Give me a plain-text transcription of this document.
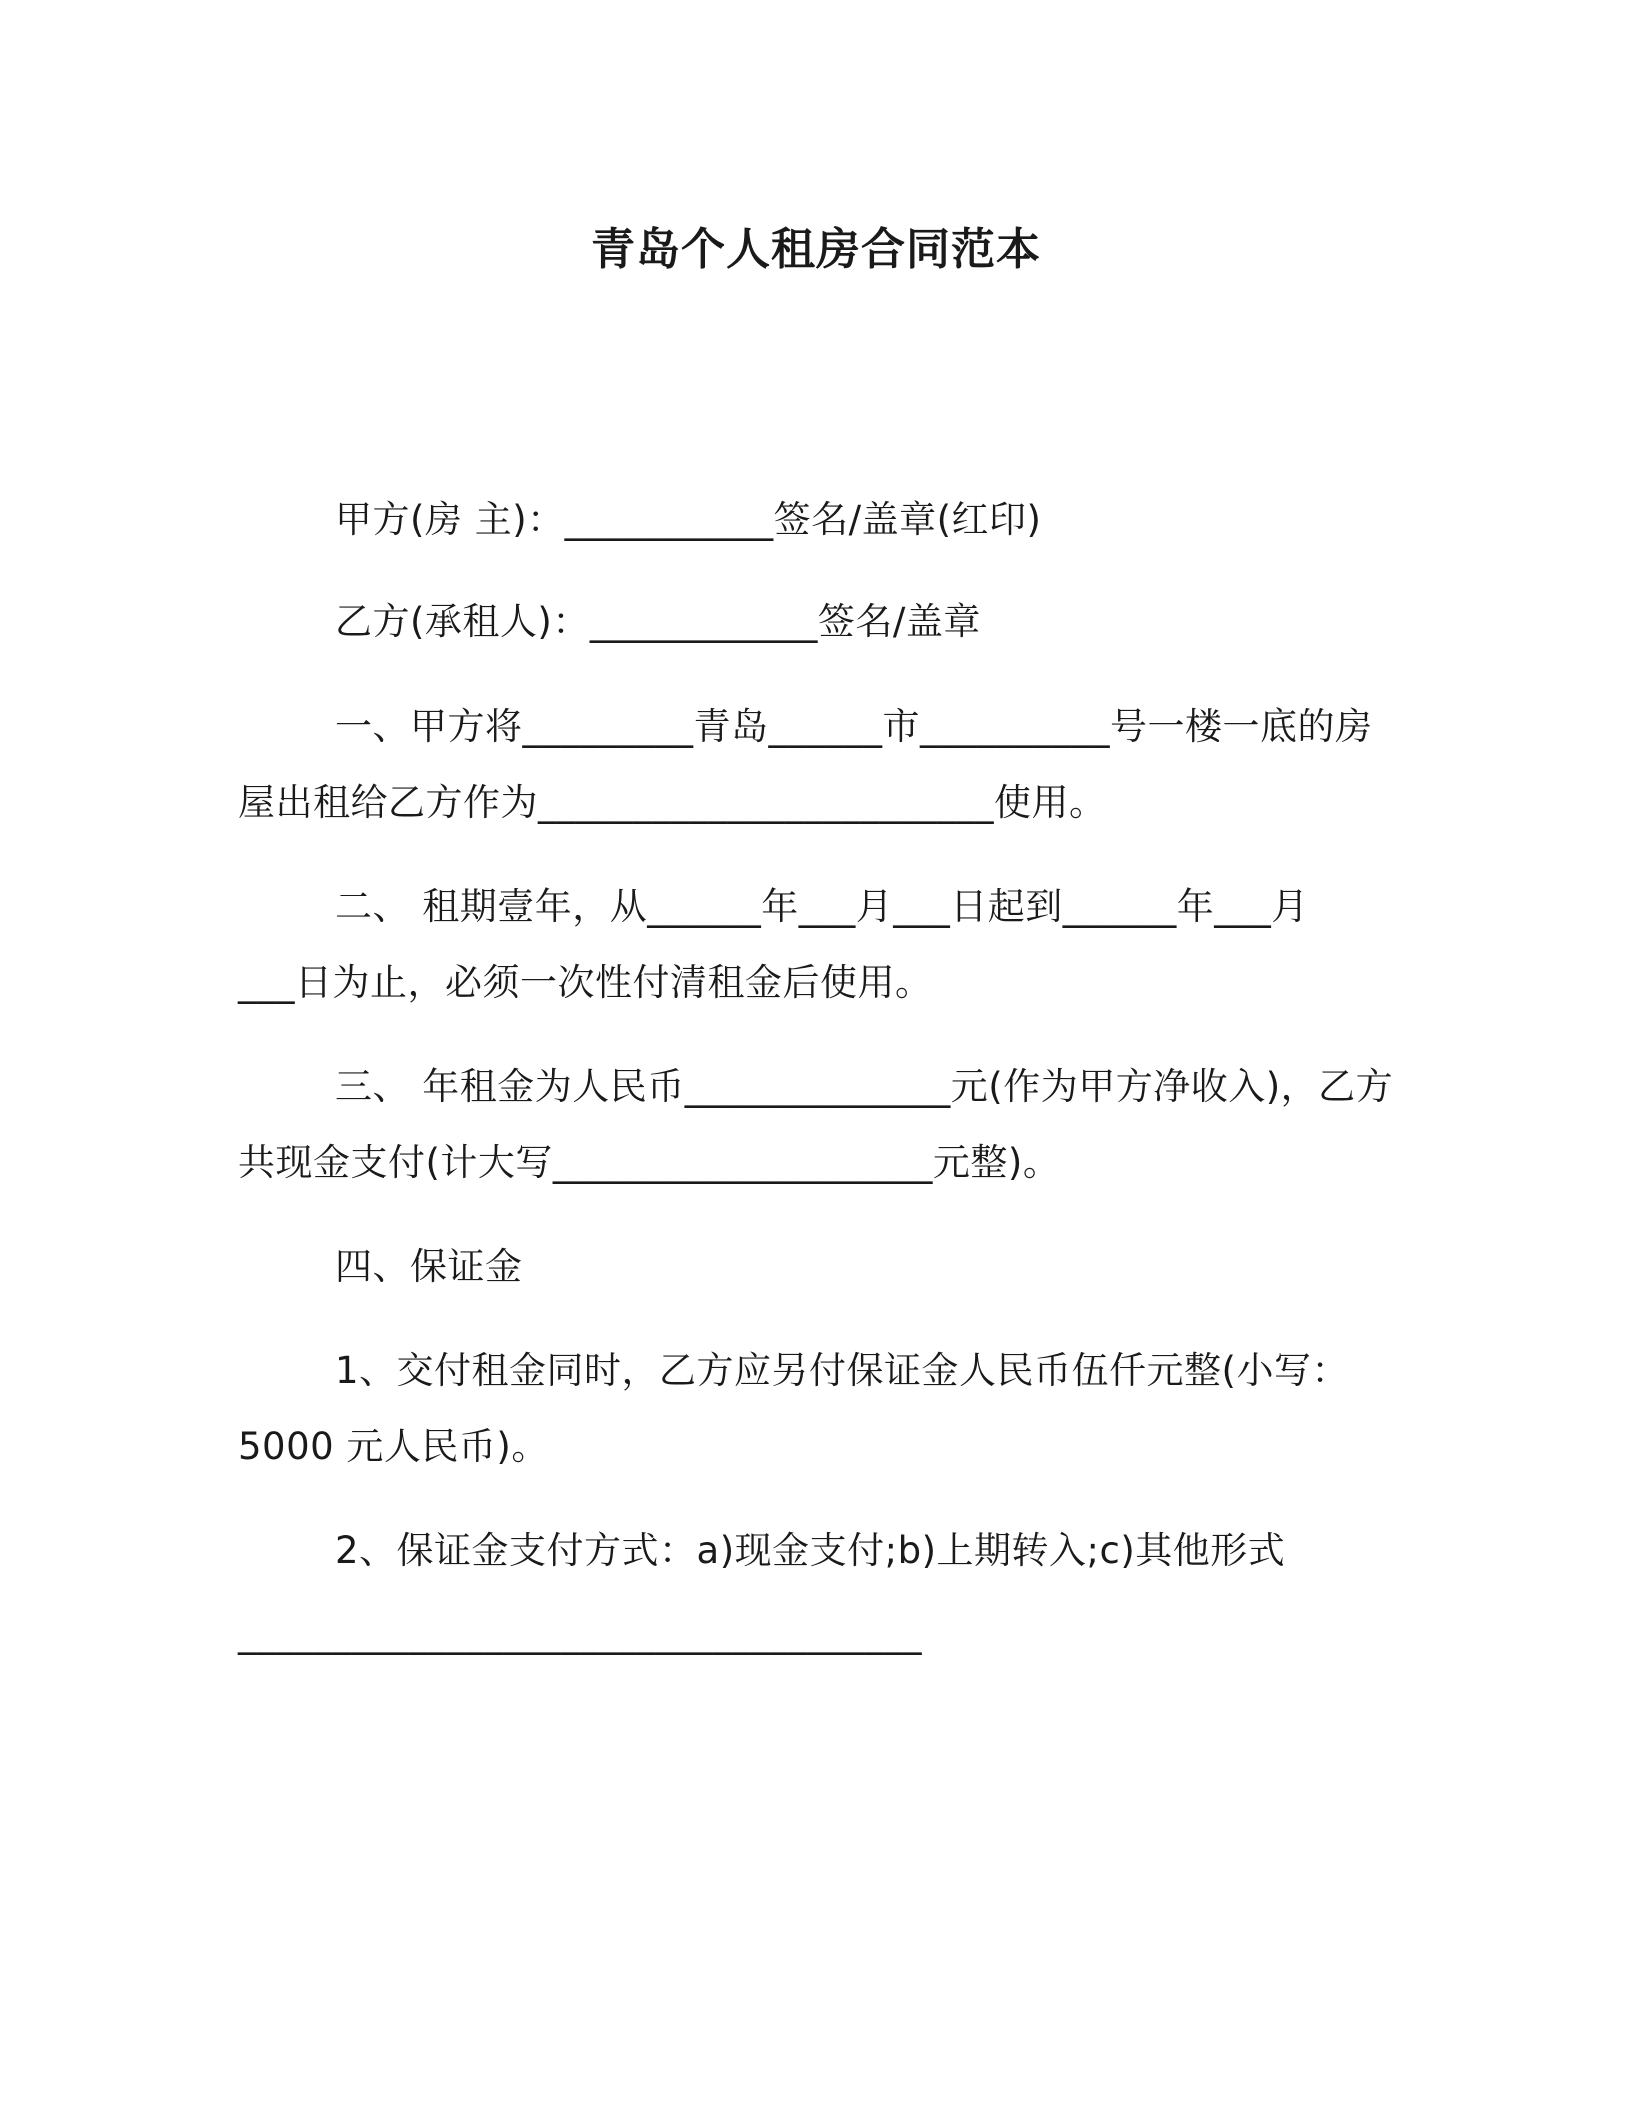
青岛个人租房合同范本
甲方(房 主)：___________签名/盖章(红印)
乙方(承租人)：____________签名/盖章
一、甲方将_________青岛______市__________号一楼一底的房
屋出租给乙方作为________________________使用。
二、 租期壹年，从______年___月___日起到______年___月
___日为止，必须一次性付清租金后使用。
三、 年租金为人民币______________元(作为甲方净收入)，乙方
共现金支付(计大写____________________元整)。
四、保证金
1、交付租金同时，乙方应另付保证金人民币伍仟元整(小写：
5000 元人民币)。
2、保证金支付方式：a)现金支付;b)上期转入;c)其他形式
____________________________________
